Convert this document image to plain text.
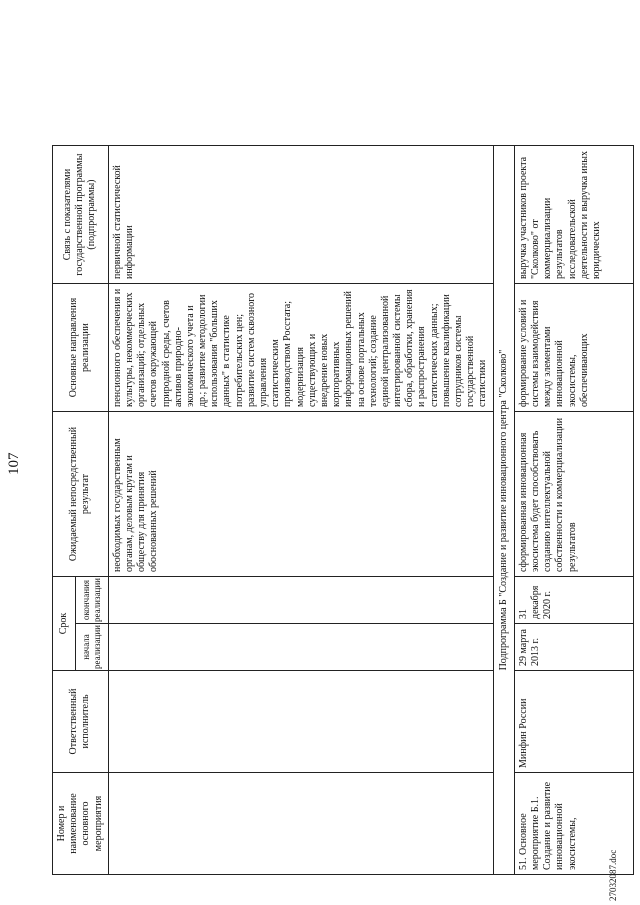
107
Номер и наименование основного мероприятия	Ответственный исполнитель	Срок		Ожидаемый непосредственный результат	Основные направления реализации	Связь с показателями государственной программы (подпрограммы)
		начала реализации	окончания реализации			
				необходимых государственным органам, деловым кругам и обществу для принятия обоснованных решений	пенсионного обеспечения и культуры, некоммерческих организаций; отдельных счетов окружающей природной среды, счетов активов природно-экономического учета и др.; развитие методологии использования "больших данных" в статистике потребительских цен; развитие систем сквозного управления статистическим производством Росстата; модернизация существующих и внедрение новых корпоративных информационных решений на основе портальных технологий; создание единой централизованной интегрированной системы сбора, обработки, хранения и распространения статистических данных; повышение квалификации сотрудников системы государственной статистики	первичной статистической информации
Подпрограмма Б "Создание и развитие инновационного центра "Сколково"						
51. Основное мероприятие Б.1. Создание и развитие инновационной экосистемы,	Минфин России	29 марта 2013 г.	31 декабря 2020 г.	сформированная инновационная экосистема будет способствовать созданию интеллектуальной собственности и коммерциализации результатов	формирование условий и системы взаимодействия между элементами инновационной экосистемы, обеспечивающих	выручка участников проекта "Сколково" от коммерциализации результатов исследовательской деятельности и выручка иных юридических
27032087.doc
